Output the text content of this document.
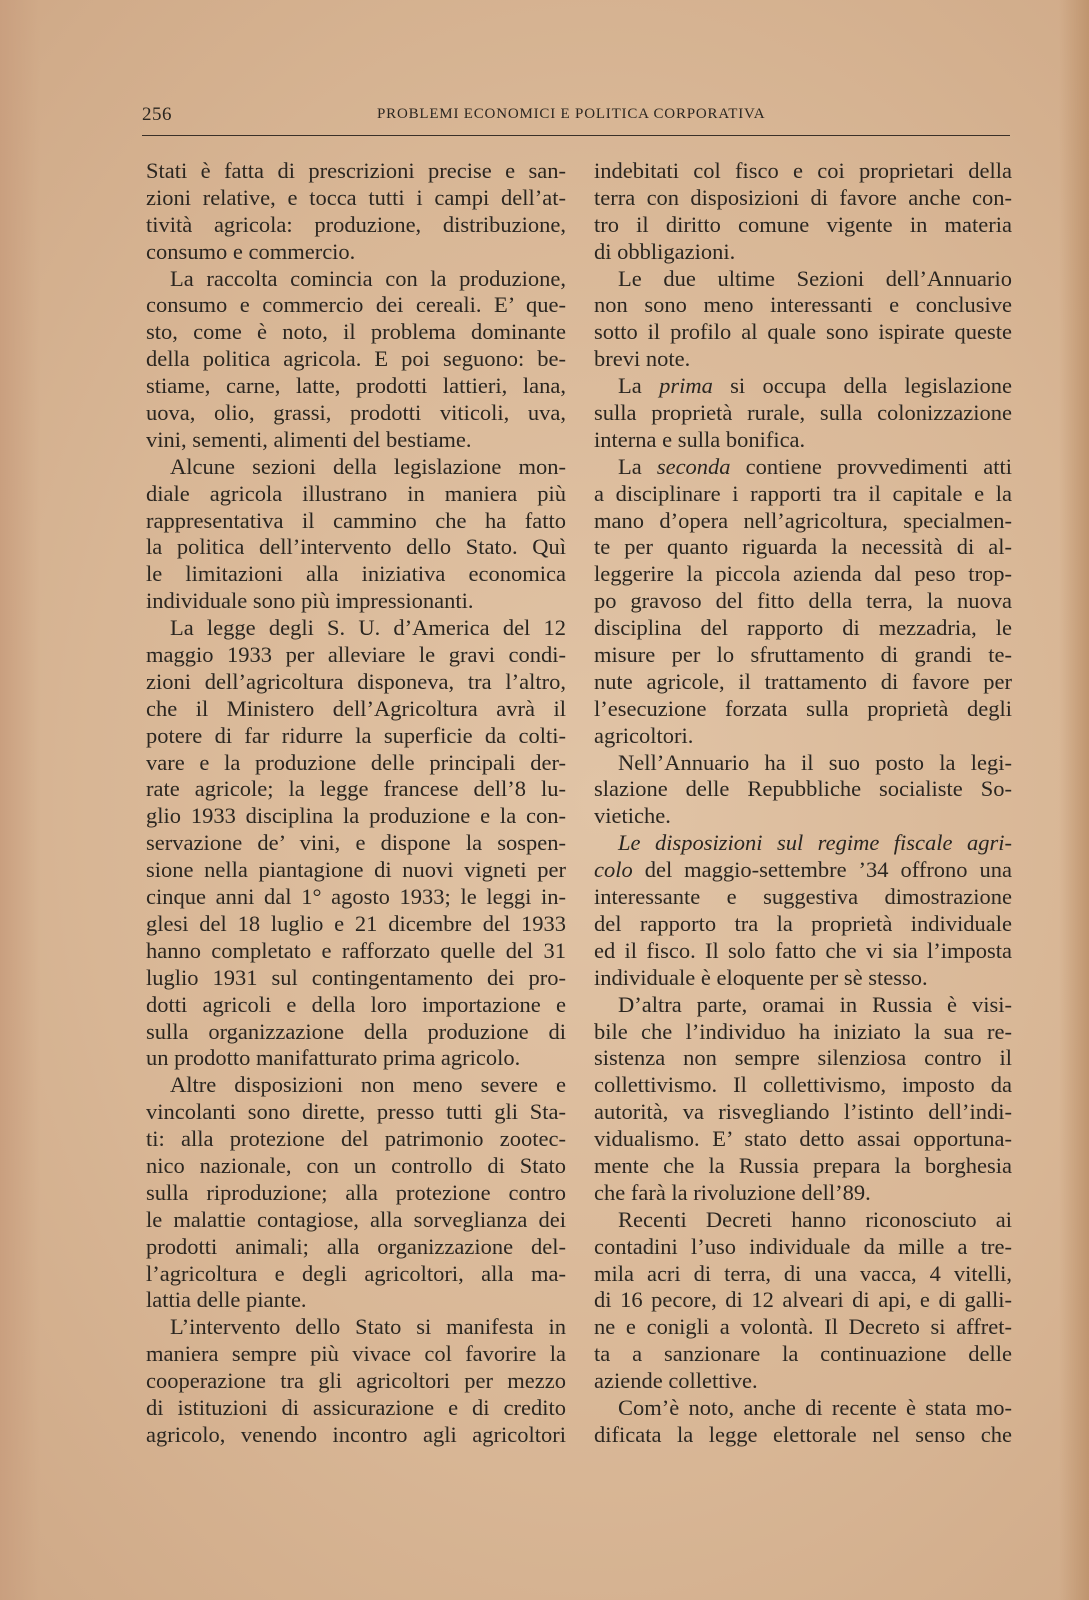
256	PROBLEMI ECONOMICI E POLITICA CORPORATIVA
Stati è fatta di prescrizioni precise e san-
zioni relative, e tocca tutti i campi dell’at-
tività agricola: produzione, distribuzione,
consumo e commercio.
La raccolta comincia con la produzione,
consumo e commercio dei cereali. E’ que-
sto, come è noto, il problema dominante
della politica agricola. E poi seguono: be-
stiame, carne, latte, prodotti lattieri, lana,
uova, olio, grassi, prodotti viticoli, uva,
vini, sementi, alimenti del bestiame.
Alcune sezioni della legislazione mon-
diale agricola illustrano in maniera più
rappresentativa il cammino che ha fatto
la politica dell’intervento dello Stato. Quì
le limitazioni alla iniziativa economica
individuale sono più impressionanti.
La legge degli S. U. d’America del 12
maggio 1933 per alleviare le gravi condi-
zioni dell’agricoltura disponeva, tra l’altro,
che il Ministero dell’Agricoltura avrà il
potere di far ridurre la superficie da colti-
vare e la produzione delle principali der-
rate agricole; la legge francese dell’8 lu-
glio 1933 disciplina la produzione e la con-
servazione de’ vini, e dispone la sospen-
sione nella piantagione di nuovi vigneti per
cinque anni dal 1° agosto 1933; le leggi in-
glesi del 18 luglio e 21 dicembre del 1933
hanno completato e rafforzato quelle del 31
luglio 1931 sul contingentamento dei pro-
dotti agricoli e della loro importazione e
sulla organizzazione della produzione di
un prodotto manifatturato prima agricolo.
Altre disposizioni non meno severe e
vincolanti sono dirette, presso tutti gli Sta-
ti: alla protezione del patrimonio zootec-
nico nazionale, con un controllo di Stato
sulla riproduzione; alla protezione contro
le malattie contagiose, alla sorveglianza dei
prodotti animali; alla organizzazione del-
l’agricoltura e degli agricoltori, alla ma-
lattia delle piante.
L’intervento dello Stato si manifesta in
maniera sempre più vivace col favorire la
cooperazione tra gli agricoltori per mezzo
di istituzioni di assicurazione e di credito
agricolo, venendo incontro agli agricoltori
indebitati col fisco e coi proprietari della
terra con disposizioni di favore anche con-
tro il diritto comune vigente in materia
di obbligazioni.
Le due ultime Sezioni dell’Annuario
non sono meno interessanti e conclusive
sotto il profilo al quale sono ispirate queste
brevi note.
La prima si occupa della legislazione
sulla proprietà rurale, sulla colonizzazione
interna e sulla bonifica.
La seconda contiene provvedimenti atti
a disciplinare i rapporti tra il capitale e la
mano d’opera nell’agricoltura, specialmen-
te per quanto riguarda la necessità di al-
leggerire la piccola azienda dal peso trop-
po gravoso del fitto della terra, la nuova
disciplina del rapporto di mezzadria, le
misure per lo sfruttamento di grandi te-
nute agricole, il trattamento di favore per
l’esecuzione forzata sulla proprietà degli
agricoltori.
Nell’Annuario ha il suo posto la legi-
slazione delle Repubbliche socialiste So-
vietiche.
Le disposizioni sul regime fiscale agri-
colo del maggio-settembre ’34 offrono una
interessante e suggestiva dimostrazione
del rapporto tra la proprietà individuale
ed il fisco. Il solo fatto che vi sia l’imposta
individuale è eloquente per sè stesso.
D’altra parte, oramai in Russia è visi-
bile che l’individuo ha iniziato la sua re-
sistenza non sempre silenziosa contro il
collettivismo. Il collettivismo, imposto da
autorità, va risvegliando l’istinto dell’indi-
vidualismo. E’ stato detto assai opportuna-
mente che la Russia prepara la borghesia
che farà la rivoluzione dell’89.
Recenti Decreti hanno riconosciuto ai
contadini l’uso individuale da mille a tre-
mila acri di terra, di una vacca, 4 vitelli,
di 16 pecore, di 12 alveari di api, e di galli-
ne e conigli a volontà. Il Decreto si affret-
ta a sanzionare la continuazione delle
aziende collettive.
Com’è noto, anche di recente è stata mo-
dificata la legge elettorale nel senso che
